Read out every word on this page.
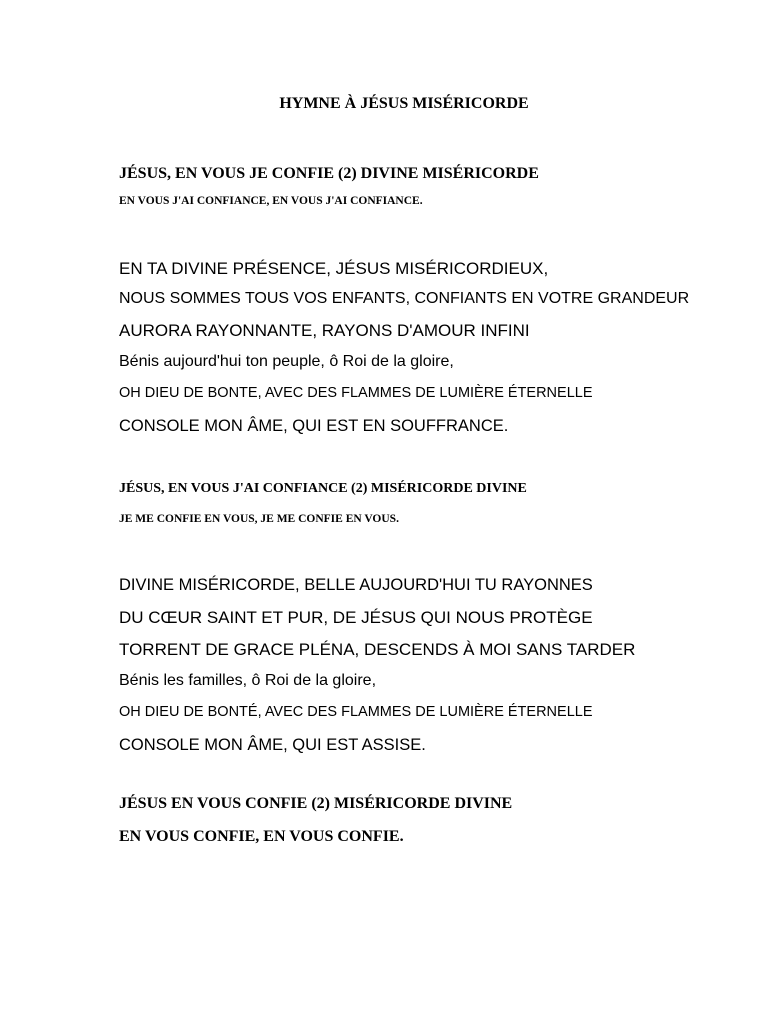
HYMNE À JÉSUS MISÉRICORDE

JÉSUS, EN VOUS JE CONFIE (2) DIVINE MISÉRICORDE

EN VOUS J'AI CONFIANCE, EN VOUS J'AI CONFIANCE.

EN TA DIVINE PRÉSENCE, JÉSUS MISÉRICORDIEUX,

NOUS SOMMES TOUS VOS ENFANTS, CONFIANTS EN VOTRE GRANDEUR

AURORA RAYONNANTE, RAYONS D'AMOUR INFINI

Bénis aujourd'hui ton peuple, ô Roi de la gloire,

OH DIEU DE BONTE, AVEC DES FLAMMES DE LUMIÈRE ÉTERNELLE

CONSOLE MON ÂME, QUI EST EN SOUFFRANCE.

JÉSUS, EN VOUS J'AI CONFIANCE (2) MISÉRICORDE DIVINE

JE ME CONFIE EN VOUS, JE ME CONFIE EN VOUS.

DIVINE MISÉRICORDE, BELLE AUJOURD'HUI TU RAYONNES

DU CŒUR SAINT ET PUR, DE JÉSUS QUI NOUS PROTÈGE

TORRENT DE GRACE PLÉNA, DESCENDS À MOI SANS TARDER

Bénis les familles, ô Roi de la gloire,

OH DIEU DE BONTÉ, AVEC DES FLAMMES DE LUMIÈRE ÉTERNELLE

CONSOLE MON ÂME, QUI EST ASSISE.

JÉSUS EN VOUS CONFIE (2) MISÉRICORDE DIVINE

EN VOUS CONFIE, EN VOUS CONFIE.
